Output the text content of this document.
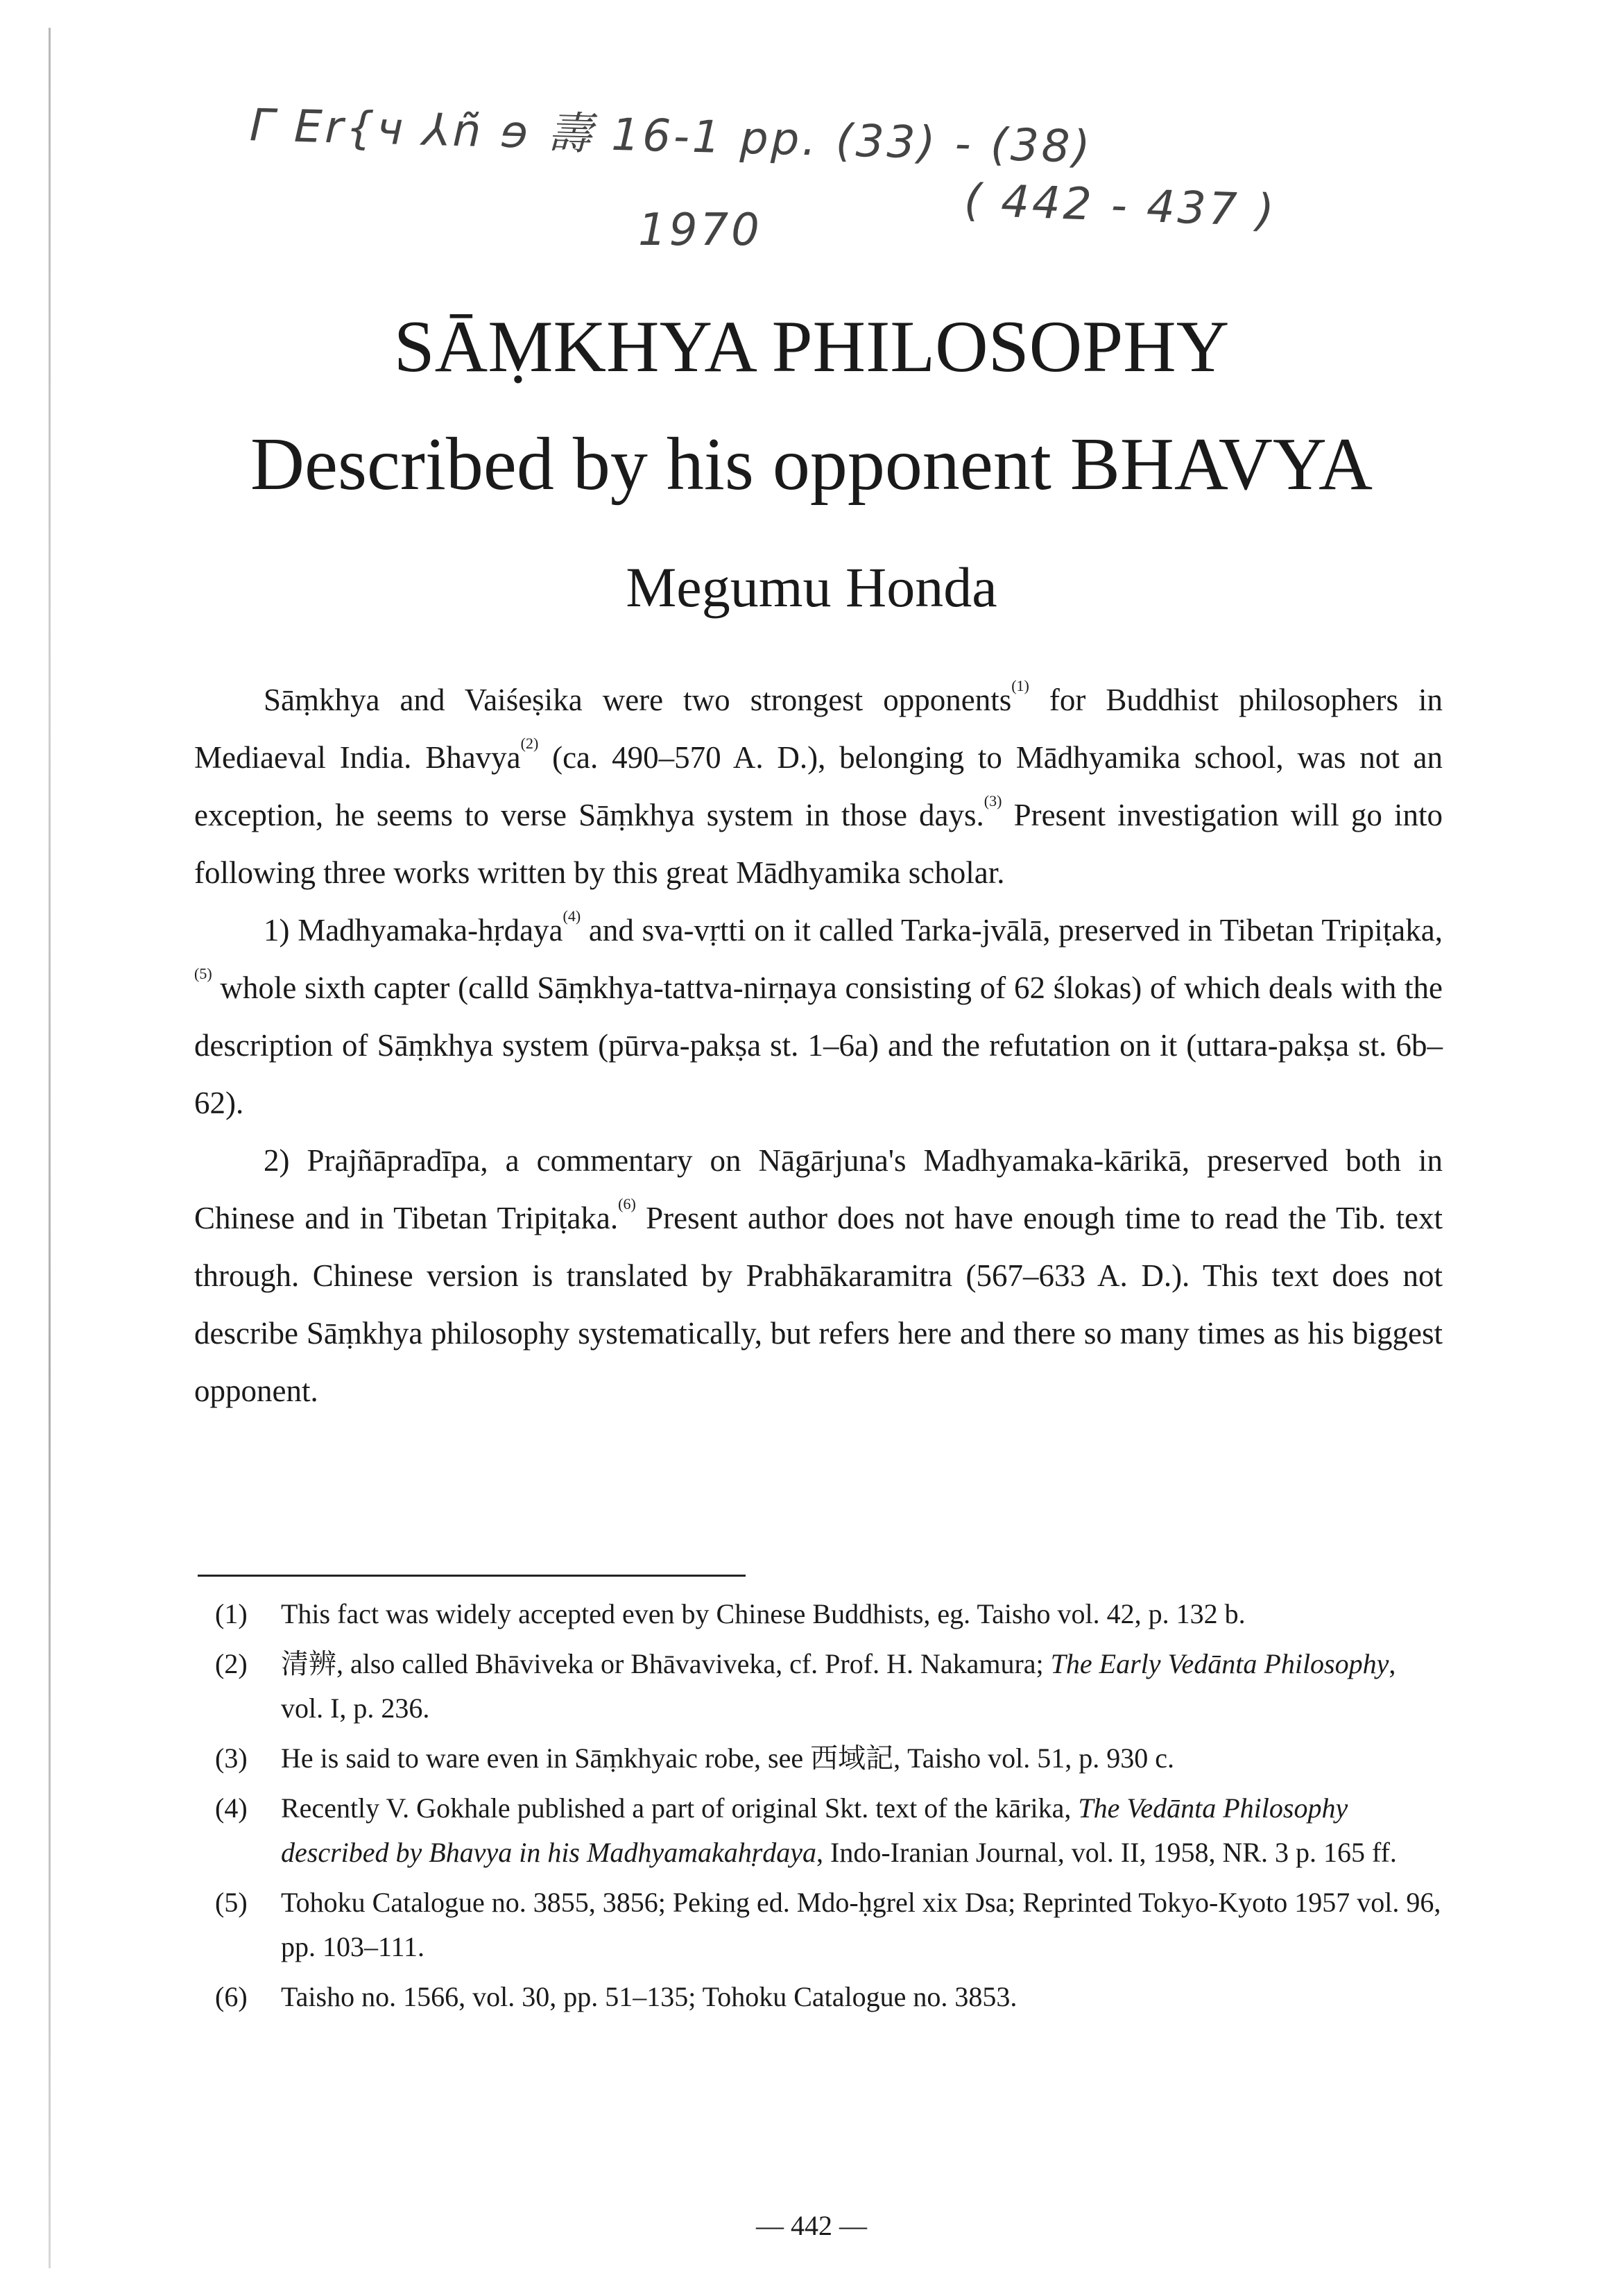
Γ Er{ч ⅄ñ ɘ 壽 16-1 pp. (33) - (38)
( 442 - 437 )
1970
SĀṂKHYA PHILOSOPHY
Described by his opponent BHAVYA
Megumu Honda

Sāṃkhya and Vaiśeṣika were two strongest opponents$^{(1)}$ for Buddhist philosophers in Mediaeval India. Bhavya$^{(2)}$ (ca. 490–570 A. D.), belonging to Mādhyamika school, was not an exception, he seems to verse Sāṃkhya system in those days.$^{(3)}$ Present investigation will go into following three works written by this great Mādhyamika scholar.

1) Madhyamaka-hṛdaya$^{(4)}$ and sva-vṛtti on it called Tarka-jvālā, preserved in Tibetan Tripiṭaka,$^{(5)}$ whole sixth capter (calld Sāṃkhya-tattva-nirṇaya consisting of 62 ślokas) of which deals with the description of Sāṃkhya system (pūrva-pakṣa st. 1–6a) and the refutation on it (uttara-pakṣa st. 6b–62).

2) Prajñāpradīpa, a commentary on Nāgārjuna's Madhyamaka-kārikā, preserved both in Chinese and in Tibetan Tripiṭaka.$^{(6)}$ Present author does not have enough time to read the Tib. text through. Chinese version is translated by Prabhākaramitra (567–633 A. D.). This text does not describe Sāṃkhya philosophy systematically, but refers here and there so many times as his biggest opponent.

(1) This fact was widely accepted even by Chinese Buddhists, eg. Taisho vol. 42, p. 132 b.
(2) 清辨, also called Bhāviveka or Bhāvaviveka, cf. Prof. H. Nakamura; The Early Vedānta Philosophy, vol. I, p. 236.
(3) He is said to ware even in Sāṃkhyaic robe, see 西域記, Taisho vol. 51, p. 930 c.
(4) Recently V. Gokhale published a part of original Skt. text of the kārika, The Vedānta Philosophy described by Bhavya in his Madhyamakahṛdaya, Indo-Iranian Journal, vol. II, 1958, NR. 3 p. 165 ff.
(5) Tohoku Catalogue no. 3855, 3856; Peking ed. Mdo-ḥgrel xix Dsa; Reprinted Tokyo-Kyoto 1957 vol. 96, pp. 103–111.
(6) Taisho no. 1566, vol. 30, pp. 51–135; Tohoku Catalogue no. 3853.
— 442 —
